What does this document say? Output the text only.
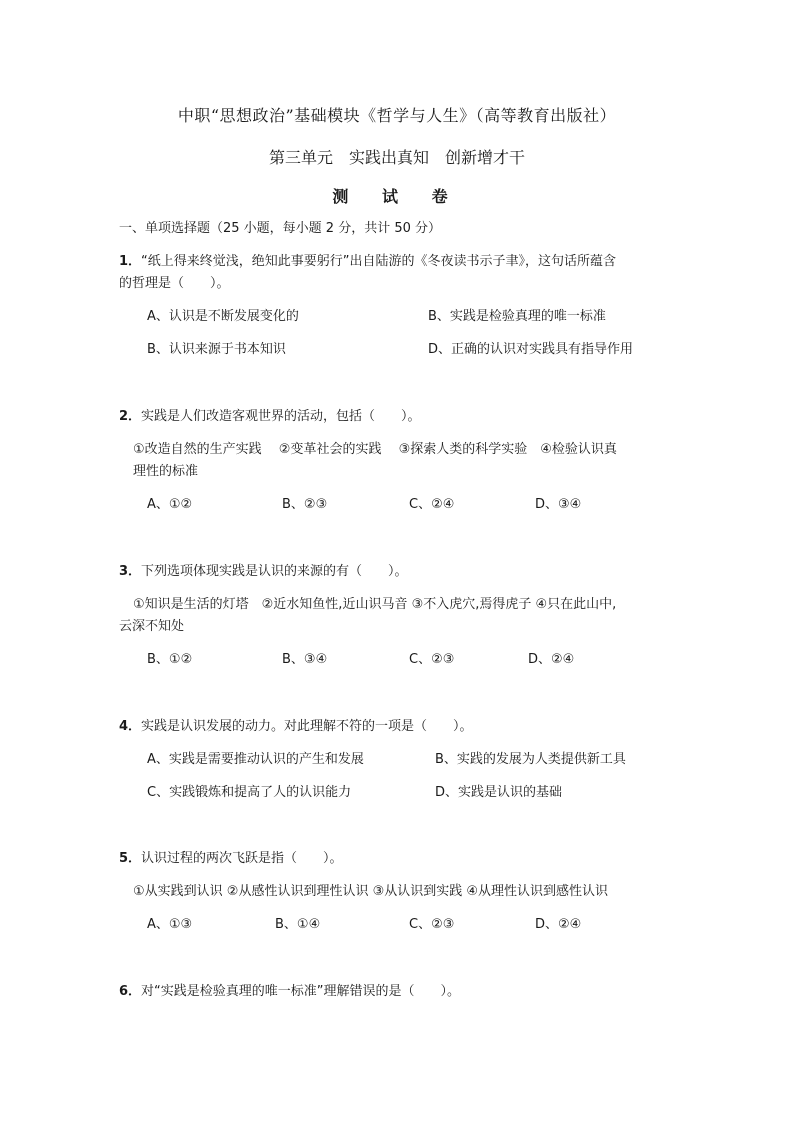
中职“思想政治”基础模块《哲学与人生》（高等教育出版社）
第三单元　实践出真知　创新增才干
测 试 卷
一、单项选择题（25 小题，每小题 2 分，共计 50 分）
1．“纸上得来终觉浅，绝知此事要躬行”出自陆游的《冬夜读书示子聿》，这句话所蕴含
的哲理是（　　）。
A、认识是不断发展变化的	B、实践是检验真理的唯一标准
B、认识来源于书本知识	D、正确的认识对实践具有指导作用
2．实践是人们改造客观世界的活动，包括（　　）。
①改造自然的生产实践　 ②变革社会的实践　 ③探索人类的科学实验　④检验认识真
理性的标准
A、①②	B、②③	C、②④	D、③④
3．下列选项体现实践是认识的来源的有（　　）。
①知识是生活的灯塔　②近水知鱼性,近山识马音 ③不入虎穴,焉得虎子 ④只在此山中,
云深不知处
B、①②	B、③④	C、②③	D、②④
4．实践是认识发展的动力。对此理解不符的一项是（　　）。
A、实践是需要推动认识的产生和发展	B、实践的发展为人类提供新工具
C、实践锻炼和提高了人的认识能力	D、实践是认识的基础
5．认识过程的两次飞跃是指（　　）。
①从实践到认识 ②从感性认识到理性认识 ③从认识到实践 ④从理性认识到感性认识
A、①③	B、①④	C、②③	D、②④
6．对“实践是检验真理的唯一标准”理解错误的是（　　）。
